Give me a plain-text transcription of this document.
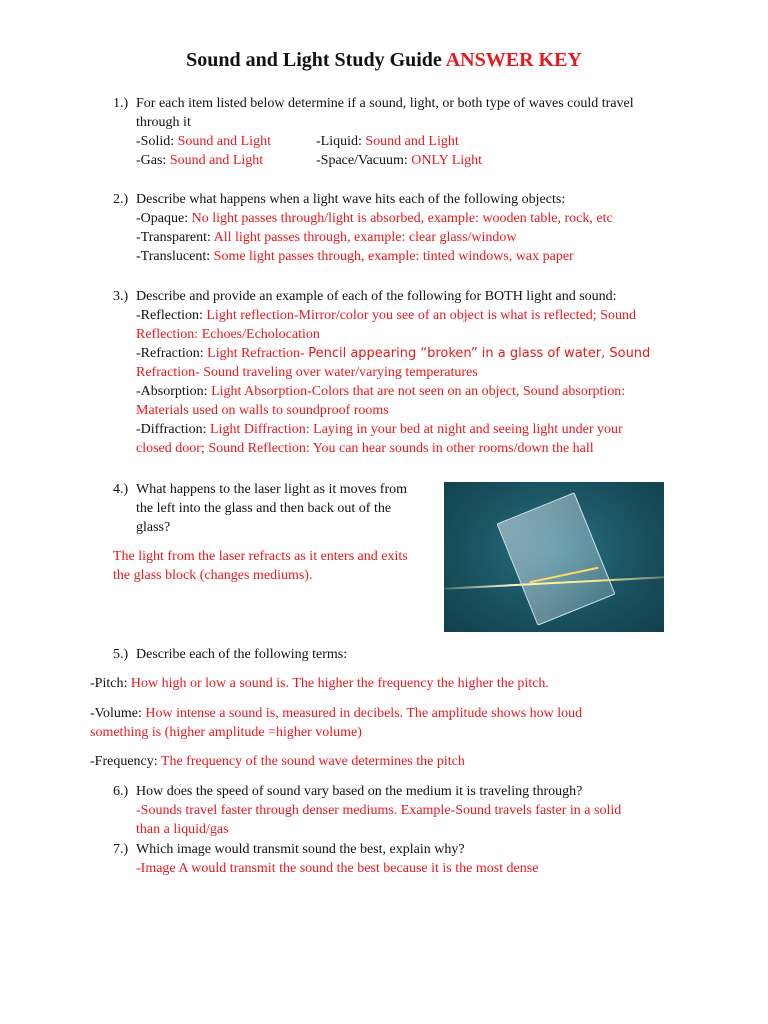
Sound and Light Study Guide ANSWER KEY
1.) For each item listed below determine if a sound, light, or both type of waves could travel
through it
-Solid: Sound and Light	-Liquid: Sound and Light
-Gas: Sound and Light	-Space/Vacuum: ONLY Light
2.) Describe what happens when a light wave hits each of the following objects:
-Opaque: No light passes through/light is absorbed, example: wooden table, rock, etc
-Transparent: All light passes through, example: clear glass/window
-Translucent: Some light passes through, example: tinted windows, wax paper
3.) Describe and provide an example of each of the following for BOTH light and sound:
-Reflection: Light reflection-Mirror/color you see of an object is what is reflected; Sound
Reflection: Echoes/Echolocation
-Refraction: Light Refraction- Pencil appearing “broken” in a glass of water, Sound
Refraction- Sound traveling over water/varying temperatures
-Absorption: Light Absorption-Colors that are not seen on an object, Sound absorption:
Materials used on walls to soundproof rooms
-Diffraction: Light Diffraction: Laying in your bed at night and seeing light under your
closed door; Sound Reflection: You can hear sounds in other rooms/down the hall
4.) What happens to the laser light as it moves from
the left into the glass and then back out of the
glass?
The light from the laser refracts as it enters and exits
the glass block (changes mediums).
5.) Describe each of the following terms:
-Pitch: How high or low a sound is. The higher the frequency the higher the pitch.
-Volume: How intense a sound is, measured in decibels. The amplitude shows how loud
something is (higher amplitude =higher volume)
-Frequency: The frequency of the sound wave determines the pitch
6.) How does the speed of sound vary based on the medium it is traveling through?
-Sounds travel faster through denser mediums. Example-Sound travels faster in a solid
than a liquid/gas
7.) Which image would transmit sound the best, explain why?
-Image A would transmit the sound the best because it is the most dense
